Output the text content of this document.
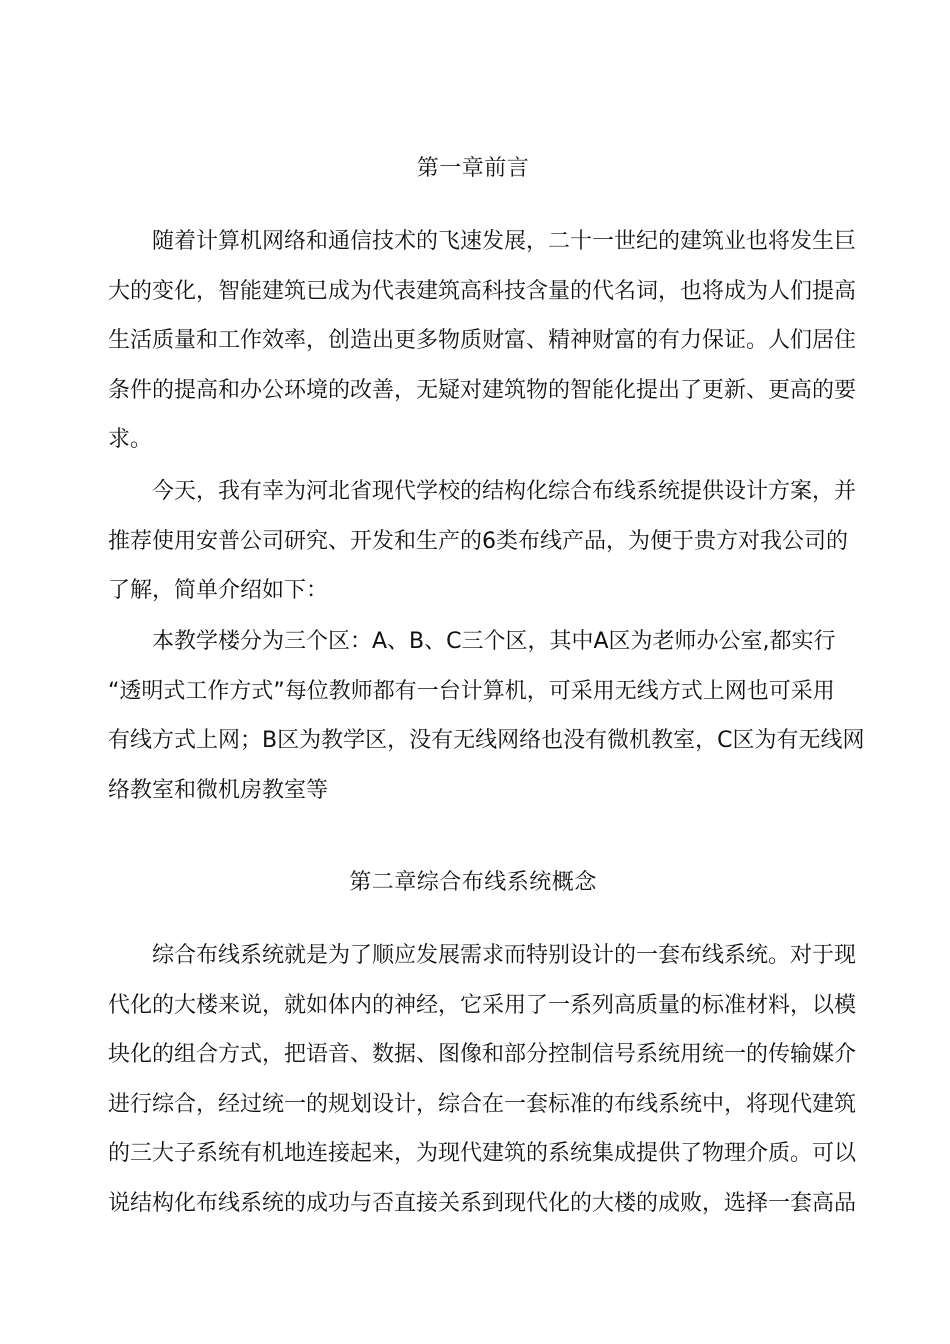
第一章前言
随着计算机网络和通信技术的飞速发展，二十一世纪的建筑业也将发生巨
大的变化，智能建筑已成为代表建筑高科技含量的代名词，也将成为人们提高
生活质量和工作效率，创造出更多物质财富、精神财富的有力保证。人们居住
条件的提高和办公环境的改善，无疑对建筑物的智能化提出了更新、更高的要
求。
今天，我有幸为河北省现代学校的结构化综合布线系统提供设计方案，并
推荐使用安普公司研究、开发和生产的6类布线产品，为便于贵方对我公司的
了解，简单介绍如下：
本教学楼分为三个区：A、B、C三个区，其中A区为老师办公室,都实行
“透明式工作方式”每位教师都有一台计算机，可采用无线方式上网也可采用
有线方式上网；B区为教学区，没有无线网络也没有微机教室，C区为有无线网
络教室和微机房教室等
第二章综合布线系统概念
综合布线系统就是为了顺应发展需求而特别设计的一套布线系统。对于现
代化的大楼来说，就如体内的神经，它采用了一系列高质量的标准材料，以模
块化的组合方式，把语音、数据、图像和部分控制信号系统用统一的传输媒介
进行综合，经过统一的规划设计，综合在一套标准的布线系统中，将现代建筑
的三大子系统有机地连接起来，为现代建筑的系统集成提供了物理介质。可以
说结构化布线系统的成功与否直接关系到现代化的大楼的成败，选择一套高品
